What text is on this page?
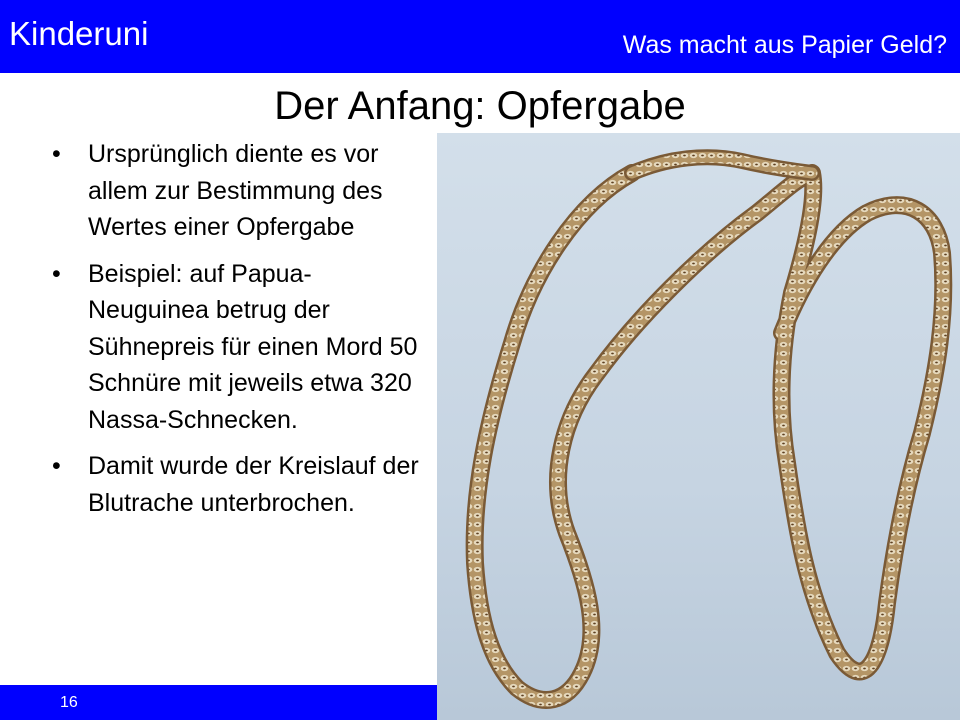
Kinderuni	Was macht aus Papier Geld?
Der Anfang: Opfergabe
• Ursprünglich diente es vor allem zur Bestimmung des Wertes einer Opfergabe
• Beispiel: auf Papua-Neuguinea betrug der Sühnepreis für einen Mord 50 Schnüre mit jeweils etwa 320 Nassa-Schnecken.
• Damit wurde der Kreislauf der Blutrache unterbrochen.
16
